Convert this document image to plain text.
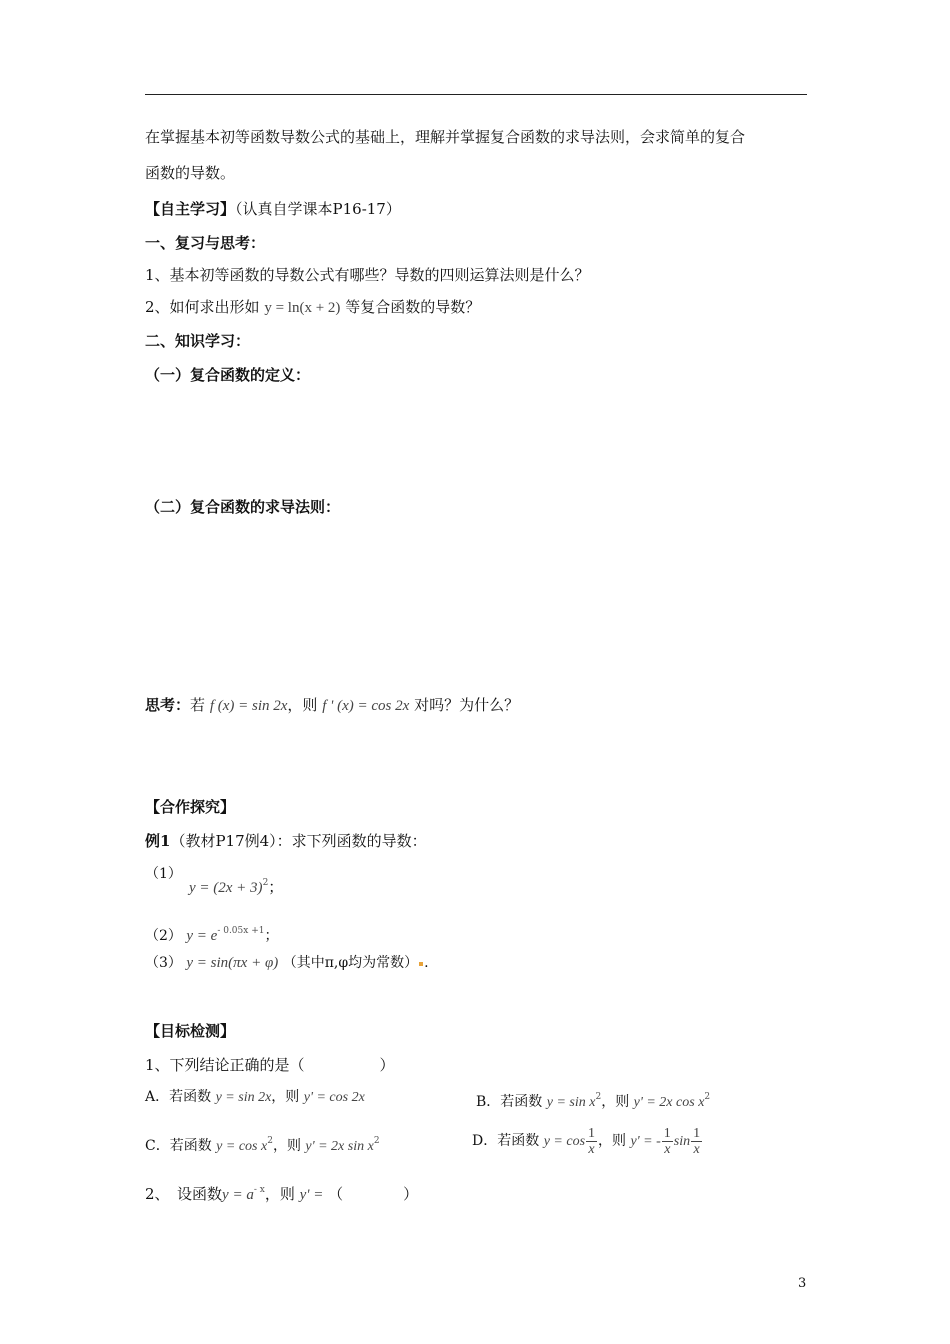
在掌握基本初等函数导数公式的基础上，理解并掌握复合函数的求导法则，会求简单的复合
函数的导数。
【自主学习】（认真自学课本P16-17）
一、复习与思考：
1、基本初等函数的导数公式有哪些？导数的四则运算法则是什么？
2、如何求出形如 y = ln(x + 2) 等复合函数的导数？
二、知识学习：
（一）复合函数的定义：
（二）复合函数的求导法则：
思考：若 f (x) = sin 2x，则 f ' (x) = cos 2x 对吗？为什么？
【合作探究】
例1（教材P17例4）：求下列函数的导数：
（1）
$y = (2x + 3)^2$；
（2） $y = e^{- 0.05x +1}$；
（3） y = sin(πx + φ) （其中π,φ均为常数） .
【目标检测】
1、下列结论正确的是（　　　　　）
A．若函数 y = sin 2x，则 y' = cos 2x	B．若函数 $y = \sin x^2$，则 y' = 2x $\cos x^2$
C．若函数 $y = \cos x^2$，则 y' = 2x $\sin x^2$	D．若函数 $y = \cos \frac{1}{x}$ ，则 y' = - $\frac{1}{x}$ $\sin \frac{1}{x}$
2、　设函数$y = a^{- x}$，则 y' = （　　　　）
3
